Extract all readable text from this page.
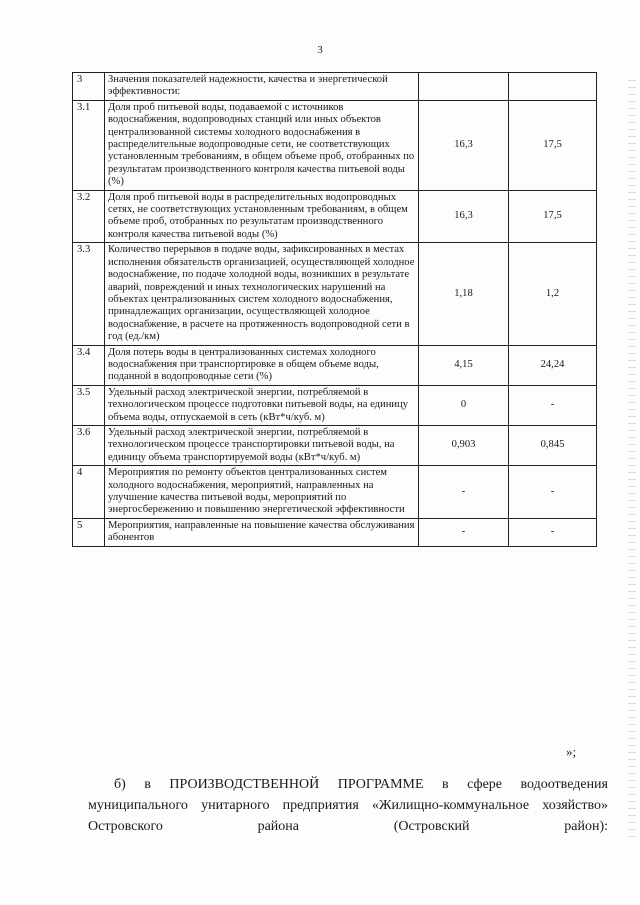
3
3	Значения показателей надежности, качества и энергетической эффективности:		
3.1	Доля проб питьевой воды, подаваемой с источников водоснабжения, водопроводных станций или иных объектов централизованной системы холодного водоснабжения в распределительные водопроводные сети, не соответствующих установленным требованиям, в общем объеме проб, отобранных по результатам производственного контроля качества питьевой воды (%)	16,3	17,5
3.2	Доля проб питьевой воды в распределительных водопроводных сетях, не соответствующих установленным требованиям, в общем объеме проб, отобранных по результатам производственного контроля качества питьевой воды (%)	16,3	17,5
3.3	Количество перерывов в подаче воды, зафиксированных в местах исполнения обязательств организацией, осуществляющей холодное водоснабжение, по подаче холодной воды, возникших в результате аварий, повреждений и иных технологических нарушений на объектах централизованных систем холодного водоснабжения, принадлежащих организации, осуществляющей холодное водоснабжение, в расчете на протяженность водопроводной сети в год (ед./км)	1,18	1,2
3.4	Доля потерь воды в централизованных системах холодного водоснабжения при транспортировке в общем объеме воды, поданной в водопроводные сети (%)	4,15	24,24
3.5	Удельный расход электрической энергии, потребляемой в технологическом процессе подготовки питьевой воды, на единицу объема воды, отпускаемой в сеть (кВт*ч/куб. м)	0	-
3.6	Удельный расход электрической энергии, потребляемой в технологическом процессе транспортировки питьевой воды, на единицу объема транспортируемой воды (кВт*ч/куб. м)	0,903	0,845
4	Мероприятия по ремонту объектов централизованных систем холодного водоснабжения, мероприятий, направленных на улучшение качества питьевой воды, мероприятий по энергосбережению и повышению энергетической эффективности	-	-
5	Мероприятия, направленные на повышение качества обслуживания абонентов	-	-
»;
б) в ПРОИЗВОДСТВЕННОЙ ПРОГРАММЕ в сфере водоотведения муниципального унитарного предприятия «Жилищно-коммунальное хозяйство» Островского района (Островский район):
